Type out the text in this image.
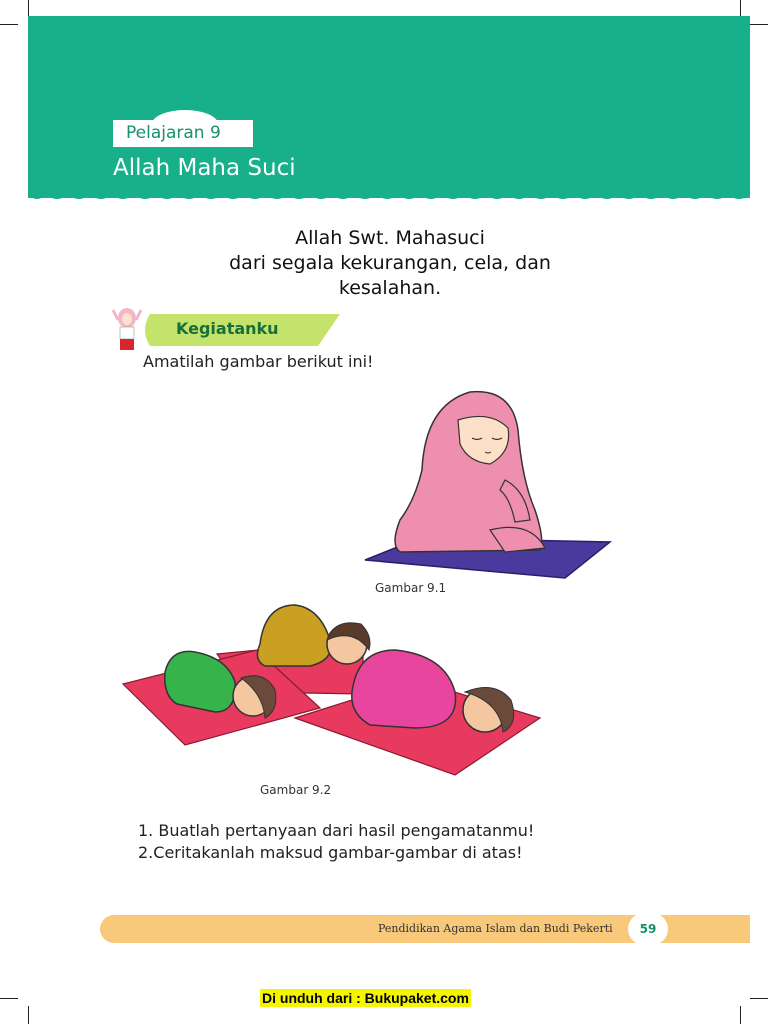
Pelajaran 9
Allah Maha Suci
Allah Swt. Mahasuci
dari segala kekurangan, cela, dan
kesalahan.
Kegiatanku
Amatilah gambar berikut ini!
Gambar 9.1
Gambar 9.2
1. Buatlah pertanyaan dari hasil pengamatanmu!
2.Ceritakanlah maksud gambar-gambar di atas!
Pendidikan Agama Islam dan Budi Pekerti	59
Di unduh dari : Bukupaket.com
